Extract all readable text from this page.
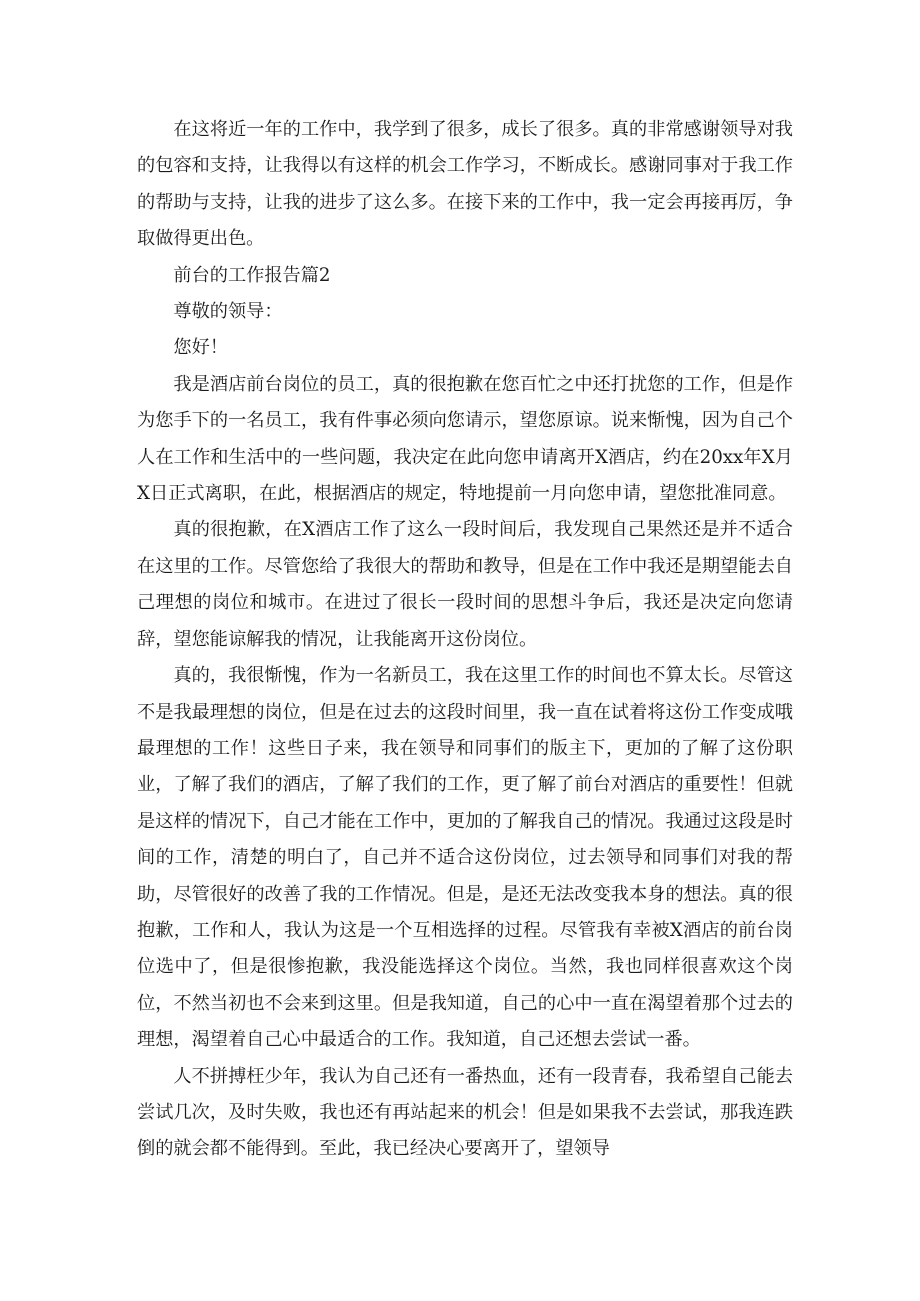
在这将近一年的工作中，我学到了很多，成长了很多。真的非常感谢领导对我的包容和支持，让我得以有这样的机会工作学习，不断成长。感谢同事对于我工作的帮助与支持，让我的进步了这么多。在接下来的工作中，我一定会再接再厉，争取做得更出色。

前台的工作报告篇2

尊敬的领导：

您好！

我是酒店前台岗位的员工，真的很抱歉在您百忙之中还打扰您的工作，但是作为您手下的一名员工，我有件事必须向您请示，望您原谅。说来惭愧，因为自己个人在工作和生活中的一些问题，我决定在此向您申请离开X酒店，约在20xx年X月X日正式离职，在此，根据酒店的规定，特地提前一月向您申请，望您批准同意。

真的很抱歉，在X酒店工作了这么一段时间后，我发现自己果然还是并不适合在这里的工作。尽管您给了我很大的帮助和教导，但是在工作中我还是期望能去自己理想的岗位和城市。在进过了很长一段时间的思想斗争后，我还是决定向您请辞，望您能谅解我的情况，让我能离开这份岗位。

真的，我很惭愧，作为一名新员工，我在这里工作的时间也不算太长。尽管这不是我最理想的岗位，但是在过去的这段时间里，我一直在试着将这份工作变成哦最理想的工作！这些日子来，我在领导和同事们的版主下，更加的了解了这份职业，了解了我们的酒店，了解了我们的工作，更了解了前台对酒店的重要性！但就是这样的情况下，自己才能在工作中，更加的了解我自己的情况。我通过这段是时间的工作，清楚的明白了，自己并不适合这份岗位，过去领导和同事们对我的帮助，尽管很好的改善了我的工作情况。但是，是还无法改变我本身的想法。真的很抱歉，工作和人，我认为这是一个互相选择的过程。尽管我有幸被X酒店的前台岗位选中了，但是很惨抱歉，我没能选择这个岗位。当然，我也同样很喜欢这个岗位，不然当初也不会来到这里。但是我知道，自己的心中一直在渴望着那个过去的理想，渴望着自己心中最适合的工作。我知道，自己还想去尝试一番。

人不拼搏枉少年，我认为自己还有一番热血，还有一段青春，我希望自己能去尝试几次，及时失败，我也还有再站起来的机会！但是如果我不去尝试，那我连跌倒的就会都不能得到。至此，我已经决心要离开了，望领导
